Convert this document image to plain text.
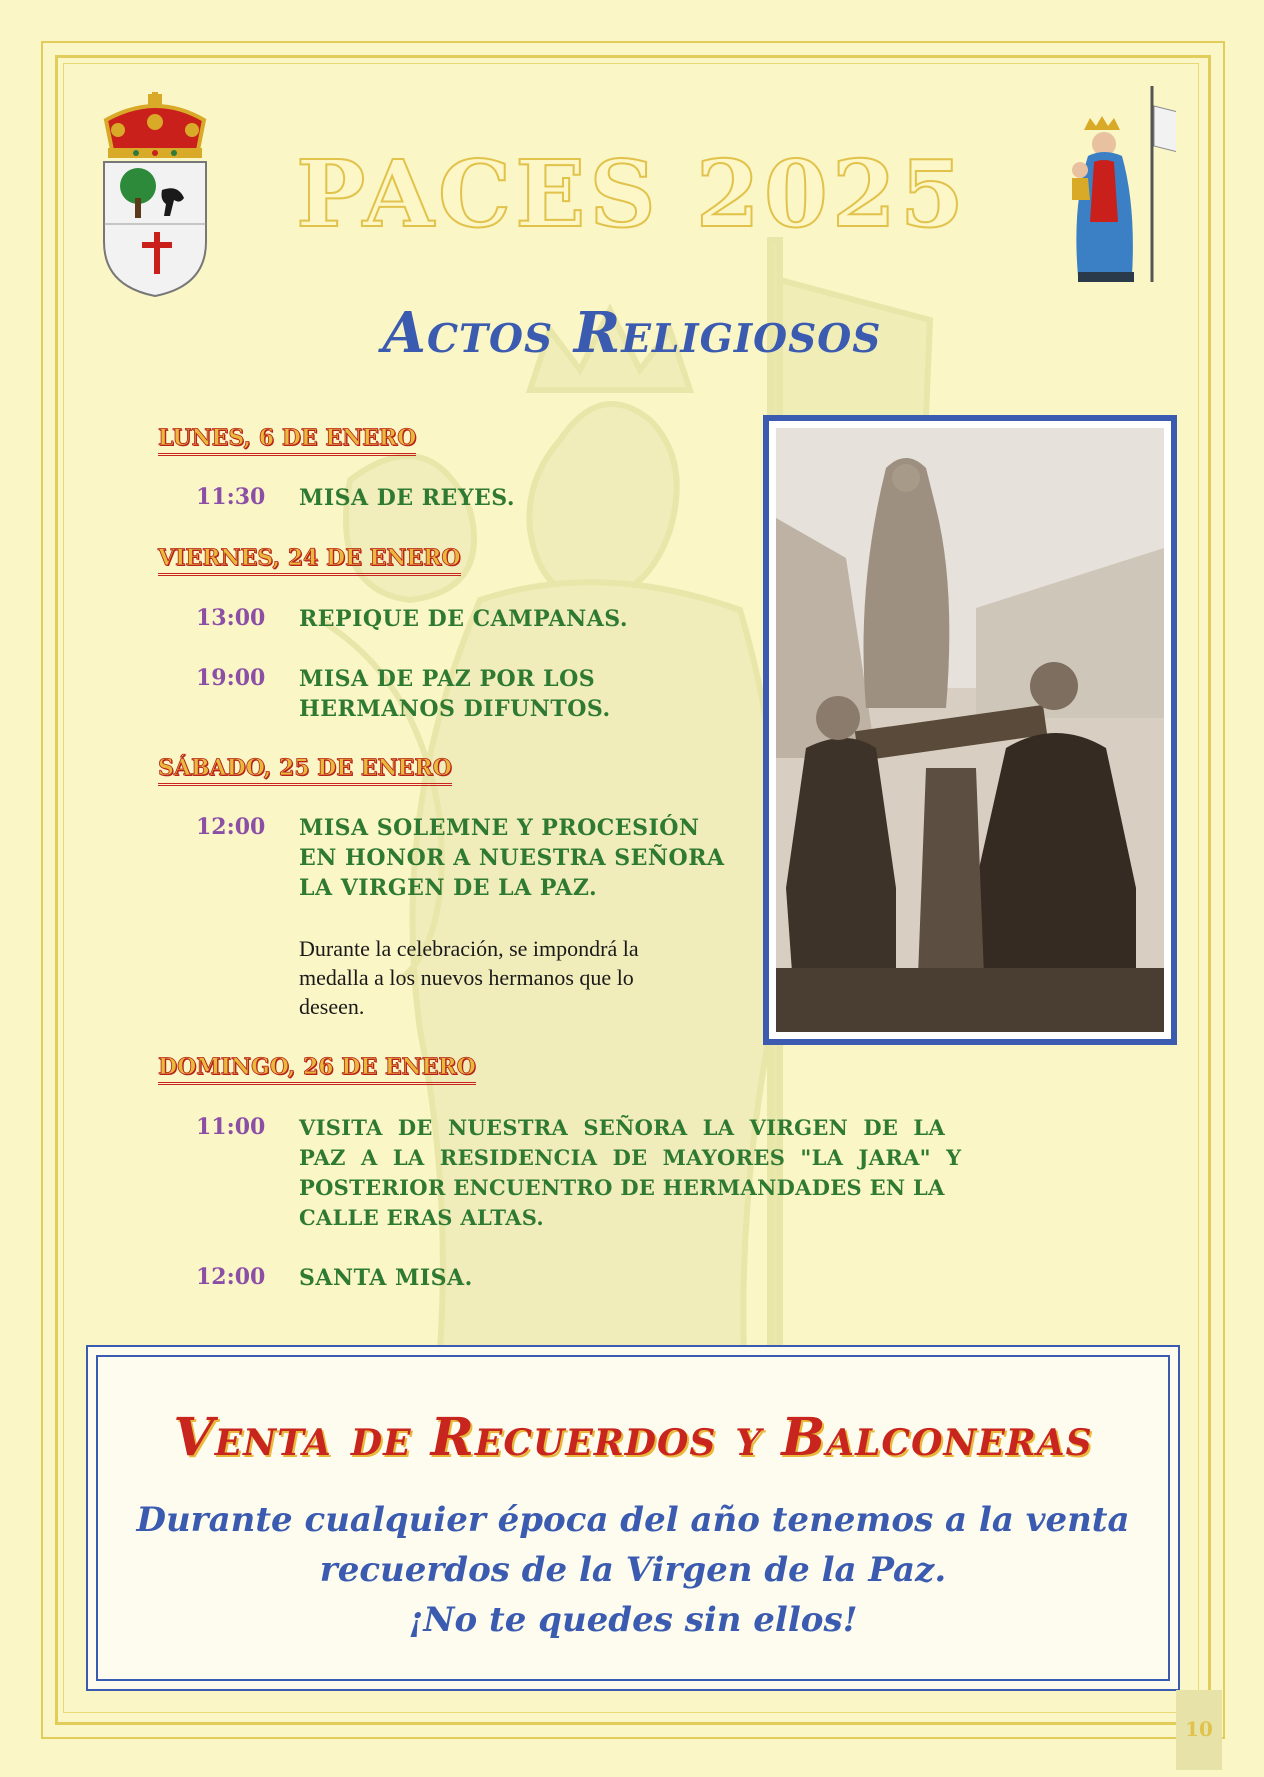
PACES 2025
Actos Religiosos
LUNES, 6 DE ENERO
11:30 MISA DE REYES.
VIERNES, 24 DE ENERO
13:00 REPIQUE DE CAMPANAS.
19:00 MISA DE PAZ POR LOS
HERMANOS DIFUNTOS.
SÁBADO, 25 DE ENERO
12:00 MISA SOLEMNE Y PROCESIÓN
EN HONOR A NUESTRA SEÑORA
LA VIRGEN DE LA PAZ.
Durante la celebración, se impondrá la
medalla a los nuevos hermanos que lo
deseen.
DOMINGO, 26 DE ENERO
11:00 VISITA  DE  NUESTRA  SEÑORA  LA  VIRGEN  DE  LA
PAZ  A  LA  RESIDENCIA  DE  MAYORES  "LA  JARA"  Y
POSTERIOR ENCUENTRO DE HERMANDADES EN LA
CALLE ERAS ALTAS.
12:00 SANTA MISA.
Venta de Recuerdos y Balconeras
Durante cualquier época del año tenemos a la venta
recuerdos de la Virgen de la Paz.
¡No te quedes sin ellos!
10
